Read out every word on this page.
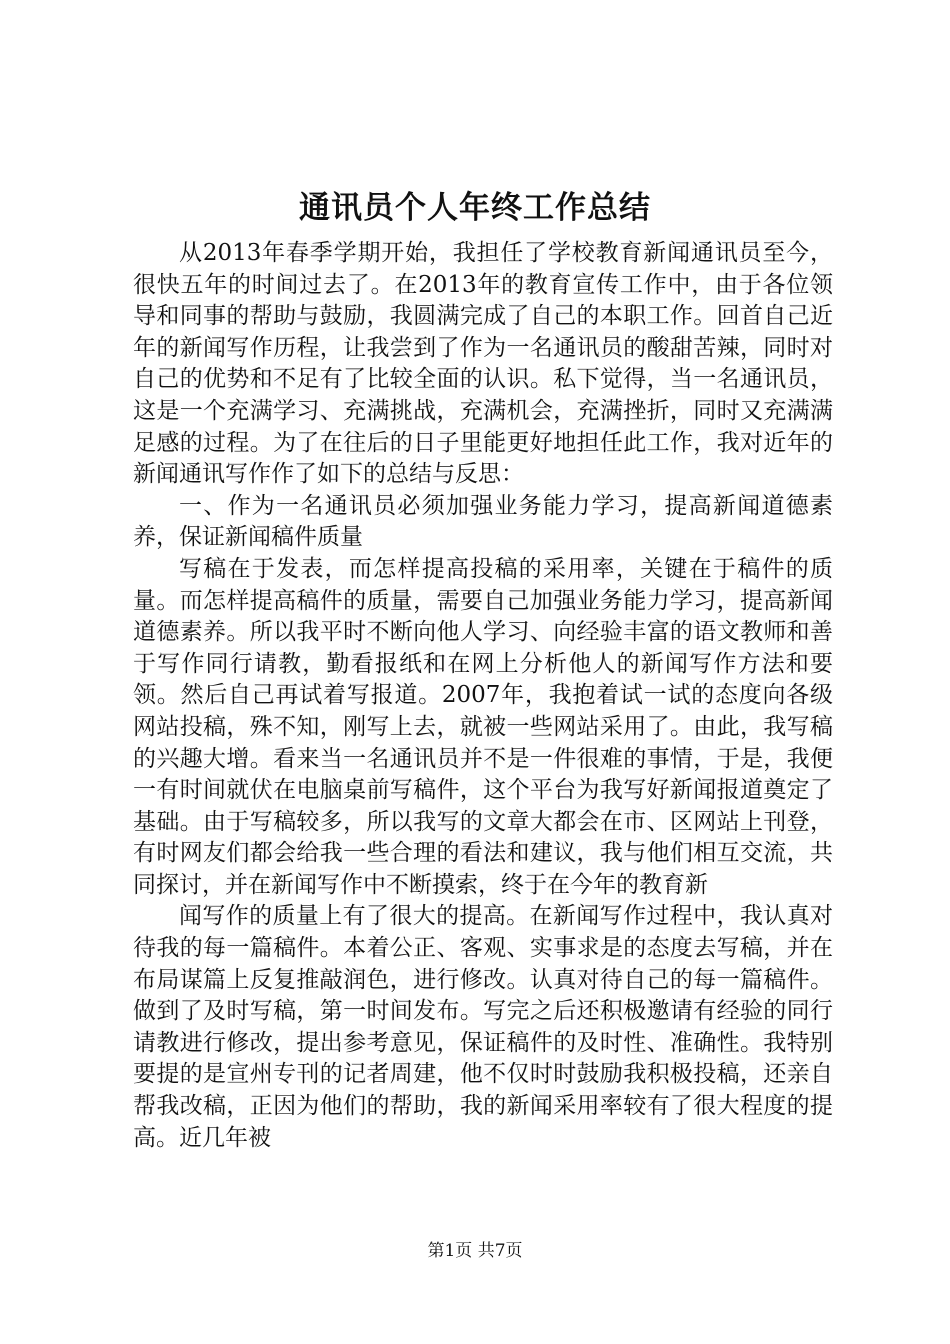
通讯员个人年终工作总结

从2013年春季学期开始，我担任了学校教育新闻通讯员至今，很快五年的时间过去了。在2013年的教育宣传工作中，由于各位领导和同事的帮助与鼓励，我圆满完成了自己的本职工作。回首自己近年的新闻写作历程，让我尝到了作为一名通讯员的酸甜苦辣，同时对自己的优势和不足有了比较全面的认识。私下觉得，当一名通讯员，这是一个充满学习、充满挑战，充满机会，充满挫折，同时又充满满足感的过程。为了在往后的日子里能更好地担任此工作，我对近年的新闻通讯写作作了如下的总结与反思：

一、作为一名通讯员必须加强业务能力学习，提高新闻道德素养，保证新闻稿件质量

写稿在于发表，而怎样提高投稿的采用率，关键在于稿件的质量。而怎样提高稿件的质量，需要自己加强业务能力学习，提高新闻道德素养。所以我平时不断向他人学习、向经验丰富的语文教师和善于写作同行请教，勤看报纸和在网上分析他人的新闻写作方法和要领。然后自己再试着写报道。2007年，我抱着试一试的态度向各级网站投稿，殊不知，刚写上去，就被一些网站采用了。由此，我写稿的兴趣大增。看来当一名通讯员并不是一件很难的事情，于是，我便一有时间就伏在电脑桌前写稿件，这个平台为我写好新闻报道奠定了基础。由于写稿较多，所以我写的文章大都会在市、区网站上刊登，有时网友们都会给我一些合理的看法和建议，我与他们相互交流，共同探讨，并在新闻写作中不断摸索，终于在今年的教育新

闻写作的质量上有了很大的提高。在新闻写作过程中，我认真对待我的每一篇稿件。本着公正、客观、实事求是的态度去写稿，并在布局谋篇上反复推敲润色，进行修改。认真对待自己的每一篇稿件。做到了及时写稿，第一时间发布。写完之后还积极邀请有经验的同行请教进行修改，提出参考意见，保证稿件的及时性、准确性。我特别要提的是宣州专刊的记者周建，他不仅时时鼓励我积极投稿，还亲自帮我改稿，正因为他们的帮助，我的新闻采用率较有了很大程度的提高。近几年被

第1页 共7页
